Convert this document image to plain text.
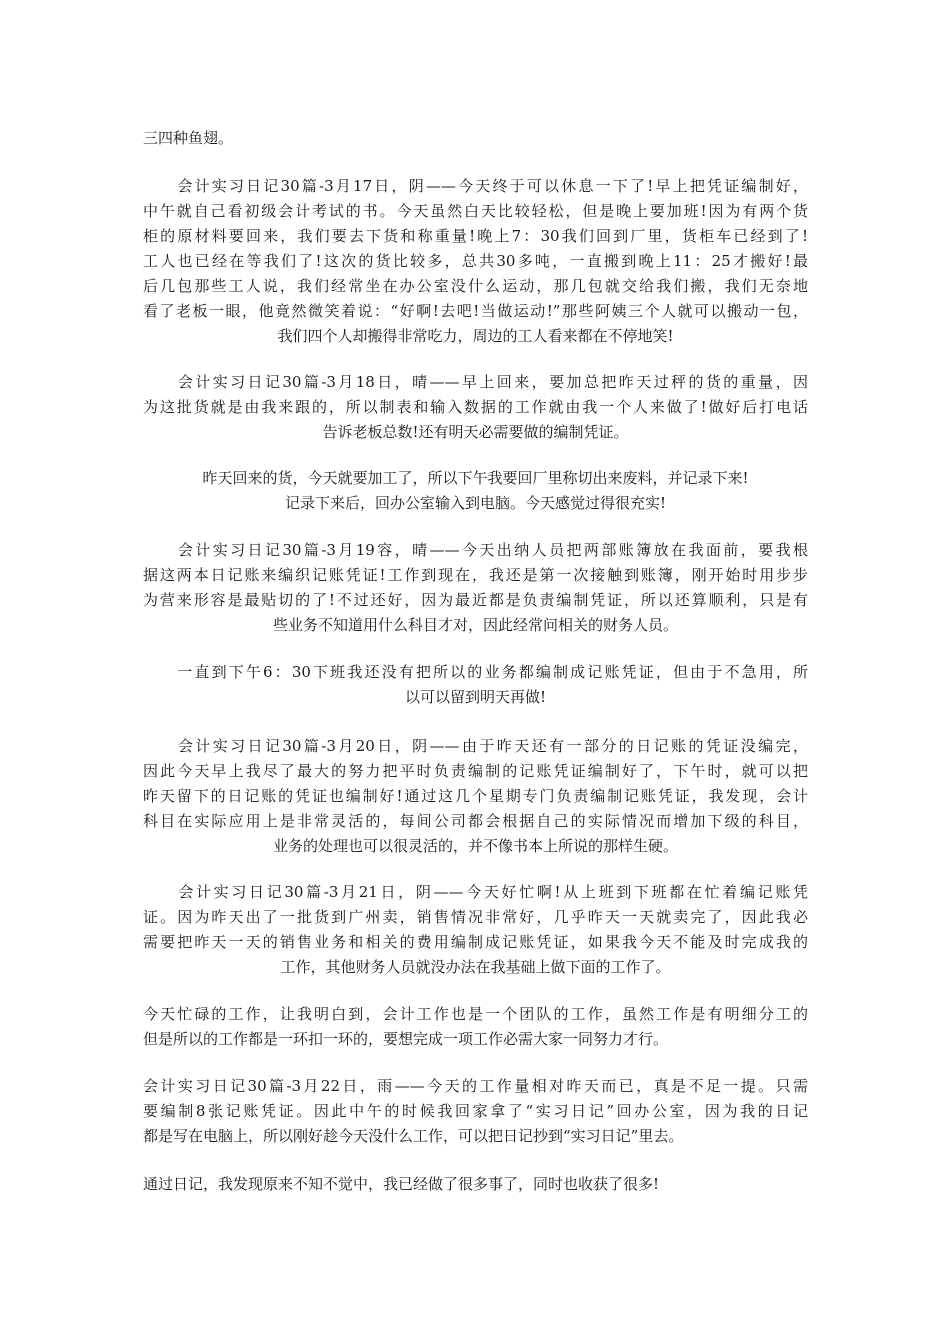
三四种鱼翅。
　　会计实习日记30篇-3月17日，阴——今天终于可以休息一下了!早上把凭证编制好，
中午就自己看初级会计考试的书。今天虽然白天比较轻松，但是晚上要加班!因为有两个货
柜的原材料要回来，我们要去下货和称重量!晚上7：30我们回到厂里，货柜车已经到了!
工人也已经在等我们了!这次的货比较多，总共30多吨，一直搬到晚上11：25才搬好!最
后几包那些工人说，我们经常坐在办公室没什么运动，那几包就交给我们搬，我们无奈地
看了老板一眼，他竟然微笑着说：“好啊!去吧!当做运动!”那些阿姨三个人就可以搬动一包，
我们四个人却搬得非常吃力，周边的工人看来都在不停地笑!
　　会计实习日记30篇-3月18日，晴——早上回来，要加总把昨天过秤的货的重量，因
为这批货就是由我来跟的，所以制表和输入数据的工作就由我一个人来做了!做好后打电话
告诉老板总数!还有明天必需要做的编制凭证。
昨天回来的货，今天就要加工了，所以下午我要回厂里称切出来废料，并记录下来!
记录下来后，回办公室输入到电脑。今天感觉过得很充实!
　　会计实习日记30篇-3月19容，晴——今天出纳人员把两部账簿放在我面前，要我根
据这两本日记账来编织记账凭证!工作到现在，我还是第一次接触到账簿，刚开始时用步步
为营来形容是最贴切的了!不过还好，因为最近都是负责编制凭证，所以还算顺利，只是有
些业务不知道用什么科目才对，因此经常问相关的财务人员。
　　一直到下午6：30下班我还没有把所以的业务都编制成记账凭证，但由于不急用，所
以可以留到明天再做!
　　会计实习日记30篇-3月20日，阴——由于昨天还有一部分的日记账的凭证没编完，
因此今天早上我尽了最大的努力把平时负责编制的记账凭证编制好了，下午时，就可以把
昨天留下的日记账的凭证也编制好!通过这几个星期专门负责编制记账凭证，我发现，会计
科目在实际应用上是非常灵活的，每间公司都会根据自己的实际情况而增加下级的科目，
业务的处理也可以很灵活的，并不像书本上所说的那样生硬。
　　会计实习日记30篇-3月21日，阴——今天好忙啊!从上班到下班都在忙着编记账凭
证。因为昨天出了一批货到广州卖，销售情况非常好，几乎昨天一天就卖完了，因此我必
需要把昨天一天的销售业务和相关的费用编制成记账凭证，如果我今天不能及时完成我的
工作，其他财务人员就没办法在我基础上做下面的工作了。
今天忙碌的工作，让我明白到，会计工作也是一个团队的工作，虽然工作是有明细分工的
但是所以的工作都是一环扣一环的，要想完成一项工作必需大家一同努力才行。
会计实习日记30篇-3月22日，雨——今天的工作量相对昨天而已，真是不足一提。只需
要编制8张记账凭证。因此中午的时候我回家拿了“实习日记”回办公室，因为我的日记
都是写在电脑上，所以刚好趁今天没什么工作，可以把日记抄到“实习日记”里去。
通过日记，我发现原来不知不觉中，我已经做了很多事了，同时也收获了很多!
